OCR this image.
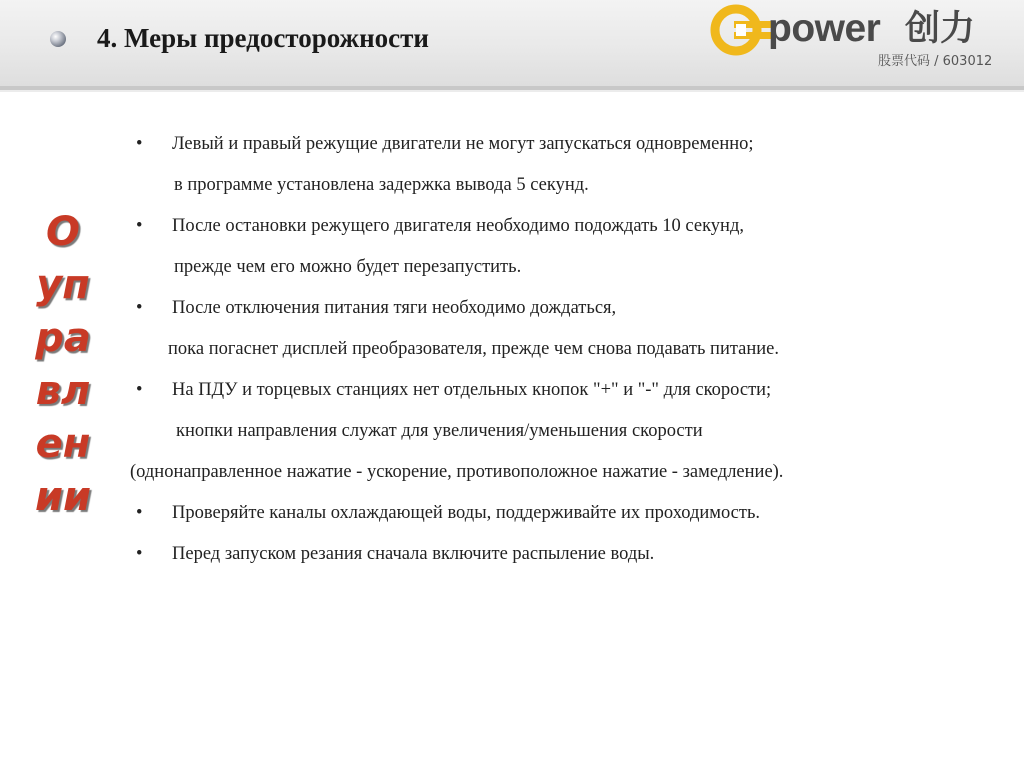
4. Меры предосторожности	power 创力
股票代码 / 603012
О
уп
ра
вл
ен
ии
• Левый и правый режущие двигатели не могут запускаться одновременно;
в программе установлена задержка вывода 5 секунд.
• После остановки режущего двигателя необходимо подождать 10 секунд,
прежде чем его можно будет перезапустить.
• После отключения питания тяги необходимо дождаться,
пока погаснет дисплей преобразователя, прежде чем снова подавать питание.
• На ПДУ и торцевых станциях нет отдельных кнопок "+" и "-" для скорости;
кнопки направления служат для увеличения/уменьшения скорости
(однонаправленное нажатие - ускорение, противоположное нажатие - замедление).
• Проверяйте каналы охлаждающей воды, поддерживайте их проходимость.
• Перед запуском резания сначала включите распыление воды.
